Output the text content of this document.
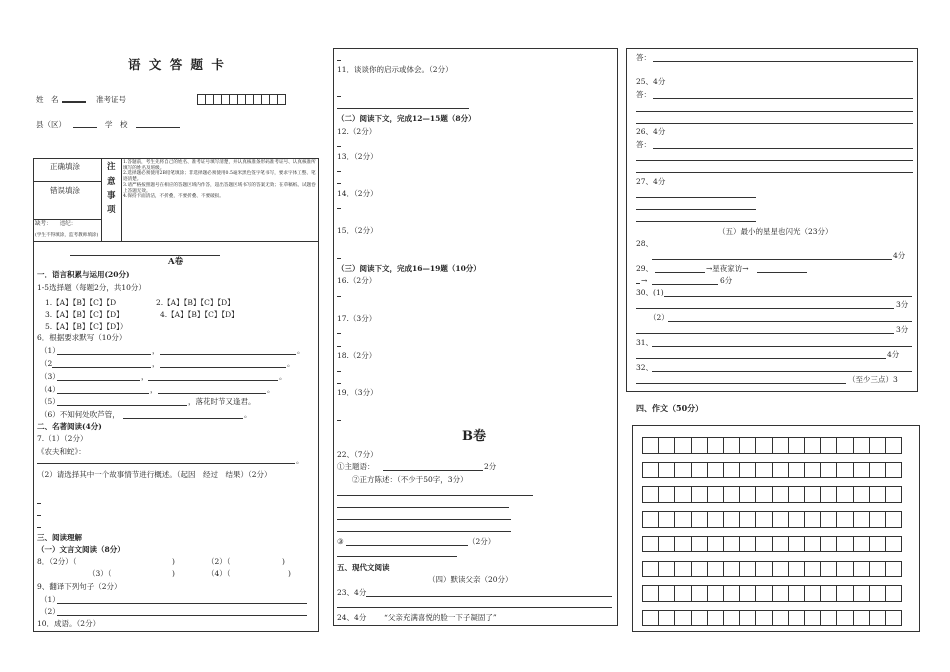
语 文 答 题 卡
姓　名	准考证号
县（区）	学　校
正确填涂
错误填涂
注
意
事
项
1.答题前，考生先将自己的姓名、准考证号填写清楚，并认真核准条形码准考证号、认真核准所填写的姓名及班级。
2.选择题必须使用2B铅笔填涂；非选择题必须使用0.5毫米黑色签字笔书写，要求字体工整、笔迹清楚。
3.请严格按照题号在相应的答题区域内作答，超出答题区域书写的答案无效；在草稿纸、试题卷上答题无效。
4.保持卡面清洁，不折叠，不要折叠、不要破损。
缺考：　　违纪：
(学生不得填涂，监考教师填涂)
A卷
一．语言积累与运用(20分)
1-5选择题（每题2分，共10分）
1.【A】【B】【C】【D	2.【A】【B】【C】【D】
3.【A】【B】【C】【D】	4.【A】【B】【C】【D】
5.【A】【B】【C】【D】）
6．根据要求默写（10分）
（1）	，	。
（2	，	。
（3）	，	。
（4）	，	。
（5）	，落花时节又逢君。
（6）不知何处吹芦管，	。
二、名著阅读(4分)
7.（1）（2分）
《农夫和蛇》：
。
（2）请选择其中一个故事情节进行概述。（起因　经过　结果）（2分）
三、阅读理解
（一）文言文阅读（8分）
8．（2分）（	)	（2）（	)
（3）（	)	（4）（	)
9、翻译下列句子（2分）
（1）
（2）
10．成语。（2分）
11．谈谈你的启示或体会。（2分）
（二）阅读下文，完成12—15题（8分）
12.（2分）
13．（2分）
14．（2分）
15．（2分）
（三）阅读下文，完成16—19题（10分）
16.（2分）
17.（3分）
18.（2分）
19．（3分）
B卷
22、（7分）
①主题语：	2分
②正方陈述：（不少于50字，3分）
③	（2分）
五、现代文阅读
（四）默读父亲（20分）
23、4分
24、4分 “父亲充满喜悦的脸一下子凝固了”
答：
25、4分
答：
26、4分
答：
27、4分
（五）最小的星星也闪光（23分）
28、
4分
29、	→星夜家访→
→	6分
30、(1)
3分
（2）
3分
31、
4分
32、
（至少三点）3
四、作文（50分）
